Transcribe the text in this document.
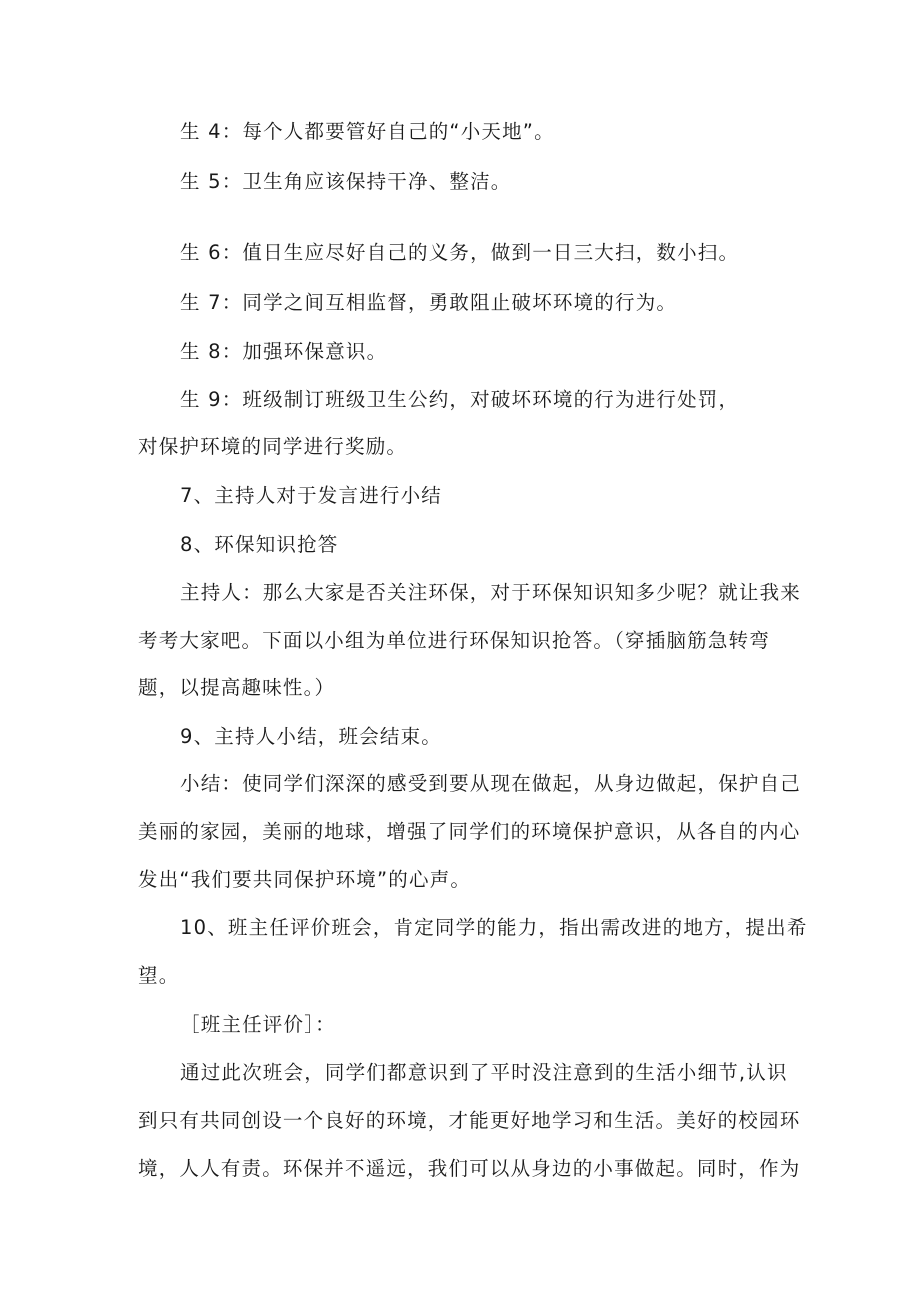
生 4：每个人都要管好自己的“小天地”。
生 5：卫生角应该保持干净、整洁。
生 6：值日生应尽好自己的义务，做到一日三大扫，数小扫。
生 7：同学之间互相监督，勇敢阻止破坏环境的行为。
生 8：加强环保意识。
生 9：班级制订班级卫生公约，对破坏环境的行为进行处罚，
对保护环境的同学进行奖励。
7、主持人对于发言进行小结
8、环保知识抢答
主持人：那么大家是否关注环保，对于环保知识知多少呢？就让我来
考考大家吧。下面以小组为单位进行环保知识抢答。（穿插脑筋急转弯
题，以提高趣味性。）
9、主持人小结，班会结束。
小结：使同学们深深的感受到要从现在做起，从身边做起，保护自己
美丽的家园，美丽的地球，增强了同学们的环境保护意识，从各自的内心
发出“我们要共同保护环境”的心声。
10、班主任评价班会，肯定同学的能力，指出需改进的地方，提出希
望。
［班主任评价］：
通过此次班会，同学们都意识到了平时没注意到的生活小细节,认识
到只有共同创设一个良好的环境，才能更好地学习和生活。美好的校园环
境，人人有责。环保并不遥远，我们可以从身边的小事做起。同时，作为
